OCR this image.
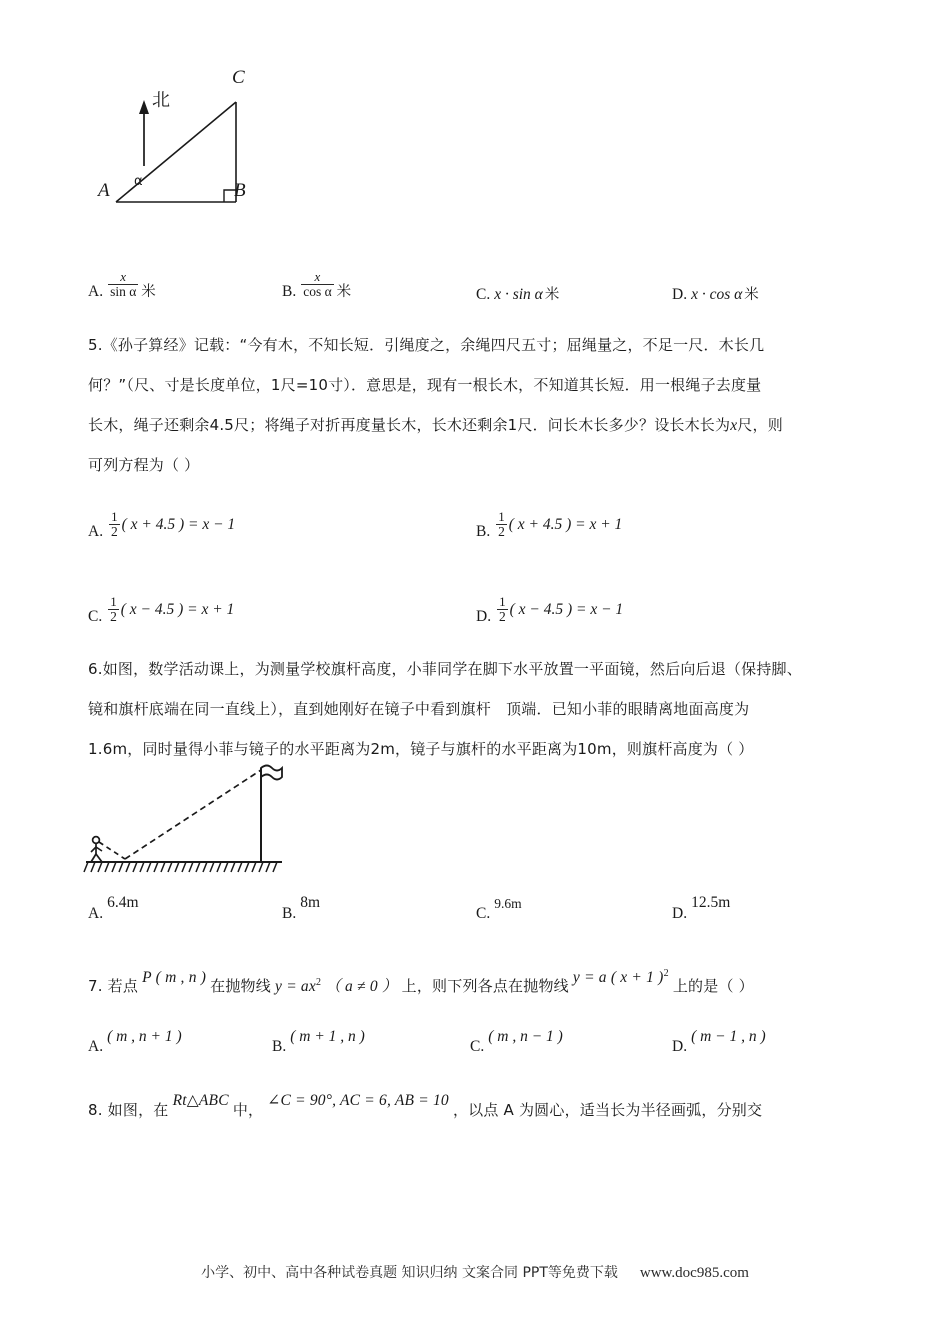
A	B
C
α
北
A. $\frac{x}{\text{sin α}}$ 米	B. $\frac{x}{\text{cos α}}$ 米	C. x · sin α 米	D. x · cos α 米
5.《孙子算经》记载：“今有木，不知长短．引绳度之，余绳四尺五寸；屈绳量之，不足一尺．木长几
何？”（尺、寸是长度单位，1尺=10寸）．意思是，现有一根长木，不知道其长短．用一根绳子去度量
长木，绳子还剩余4.5尺；将绳子对折再度量长木，长木还剩余1尺．问长木长多少？设长木长为x尺，则
可列方程为（ ）
A. $\frac{1}{2}$ ( x + 4.5 ) = x − 1	B. $\frac{1}{2}$ ( x + 4.5 ) = x + 1
C. $\frac{1}{2}$ ( x − 4.5 ) = x + 1	D. $\frac{1}{2}$ ( x − 4.5 ) = x − 1
6.如图，数学活动课上，为测量学校旗杆高度，小菲同学在脚下水平放置一平面镜，然后向后退（保持脚、
镜和旗杆底端在同一直线上），直到她刚好在镜子中看到旗杆　顶端．已知小菲的眼睛离地面高度为
1.6m，同时量得小菲与镜子的水平距离为2m，镜子与旗杆的水平距离为10m，则旗杆高度为（ ）
A.
6.4m
B.
8m
C.
9.6m
D.
12.5m
7. 若点 P ( m , n ) 在抛物线 $y = ax^2$ （ a ≠ 0 ） 上，则下列各点在抛物线 y = a ( x + 1 )$^2$ 上的是（ ）
A.
( m , n + 1 )
B.
( m + 1 , n )
C.
( m , n − 1 )
D.
( m − 1 , n )
8. 如图，在 Rt△ABC 中， ∠C = 90°, AC = 6, AB = 10 ，以点 A 为圆心，适当长为半径画弧，分别交
小学、初中、高中各种试卷真题 知识归纳 文案合同 PPT等免费下载 www.doc985.com
